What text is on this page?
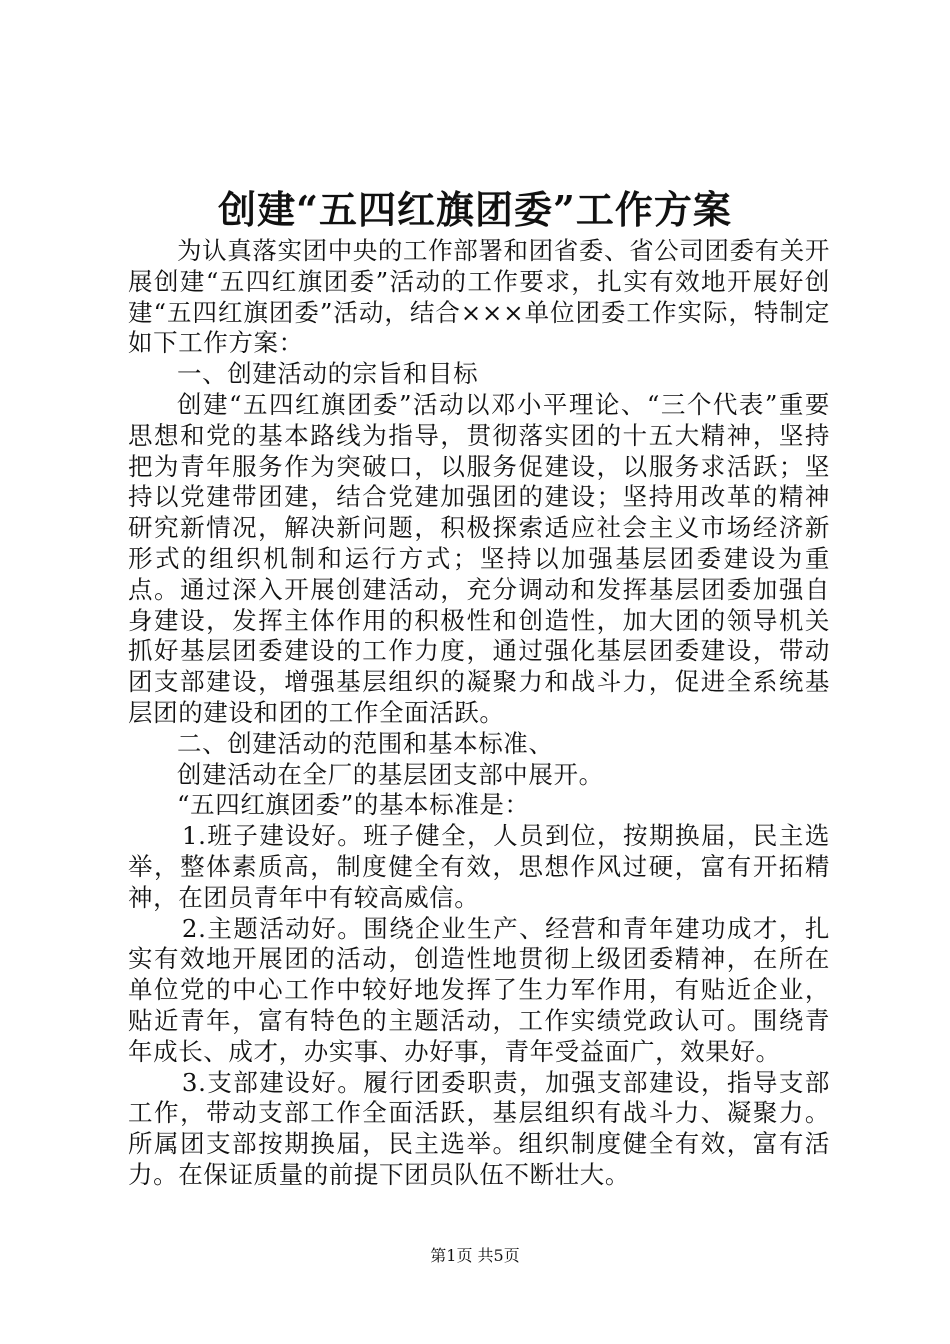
创建“五四红旗团委”工作方案

为认真落实团中央的工作部署和团省委、省公司团委有关开展创建“五四红旗团委”活动的工作要求，扎实有效地开展好创建“五四红旗团委”活动，结合×××单位团委工作实际，特制定如下工作方案：

一、创建活动的宗旨和目标

创建“五四红旗团委”活动以邓小平理论、“三个代表”重要思想和党的基本路线为指导，贯彻落实团的十五大精神，坚持把为青年服务作为突破口，以服务促建设，以服务求活跃；坚持以党建带团建，结合党建加强团的建设；坚持用改革的精神研究新情况，解决新问题，积极探索适应社会主义市场经济新形式的组织机制和运行方式；坚持以加强基层团委建设为重点。通过深入开展创建活动，充分调动和发挥基层团委加强自身建设，发挥主体作用的积极性和创造性，加大团的领导机关抓好基层团委建设的工作力度，通过强化基层团委建设，带动团支部建设，增强基层组织的凝聚力和战斗力，促进全系统基层团的建设和团的工作全面活跃。

二、创建活动的范围和基本标准、

创建活动在全厂的基层团支部中展开。

“五四红旗团委”的基本标准是：

1.班子建设好。班子健全，人员到位，按期换届，民主选举，整体素质高，制度健全有效，思想作风过硬，富有开拓精神，在团员青年中有较高威信。

2.主题活动好。围绕企业生产、经营和青年建功成才，扎实有效地开展团的活动，创造性地贯彻上级团委精神，在所在单位党的中心工作中较好地发挥了生力军作用，有贴近企业，贴近青年，富有特色的主题活动，工作实绩党政认可。围绕青年成长、成才，办实事、办好事，青年受益面广，效果好。

3.支部建设好。履行团委职责，加强支部建设，指导支部工作，带动支部工作全面活跃，基层组织有战斗力、凝聚力。所属团支部按期换届，民主选举。组织制度健全有效，富有活力。在保证质量的前提下团员队伍不断壮大。

第1页 共5页
